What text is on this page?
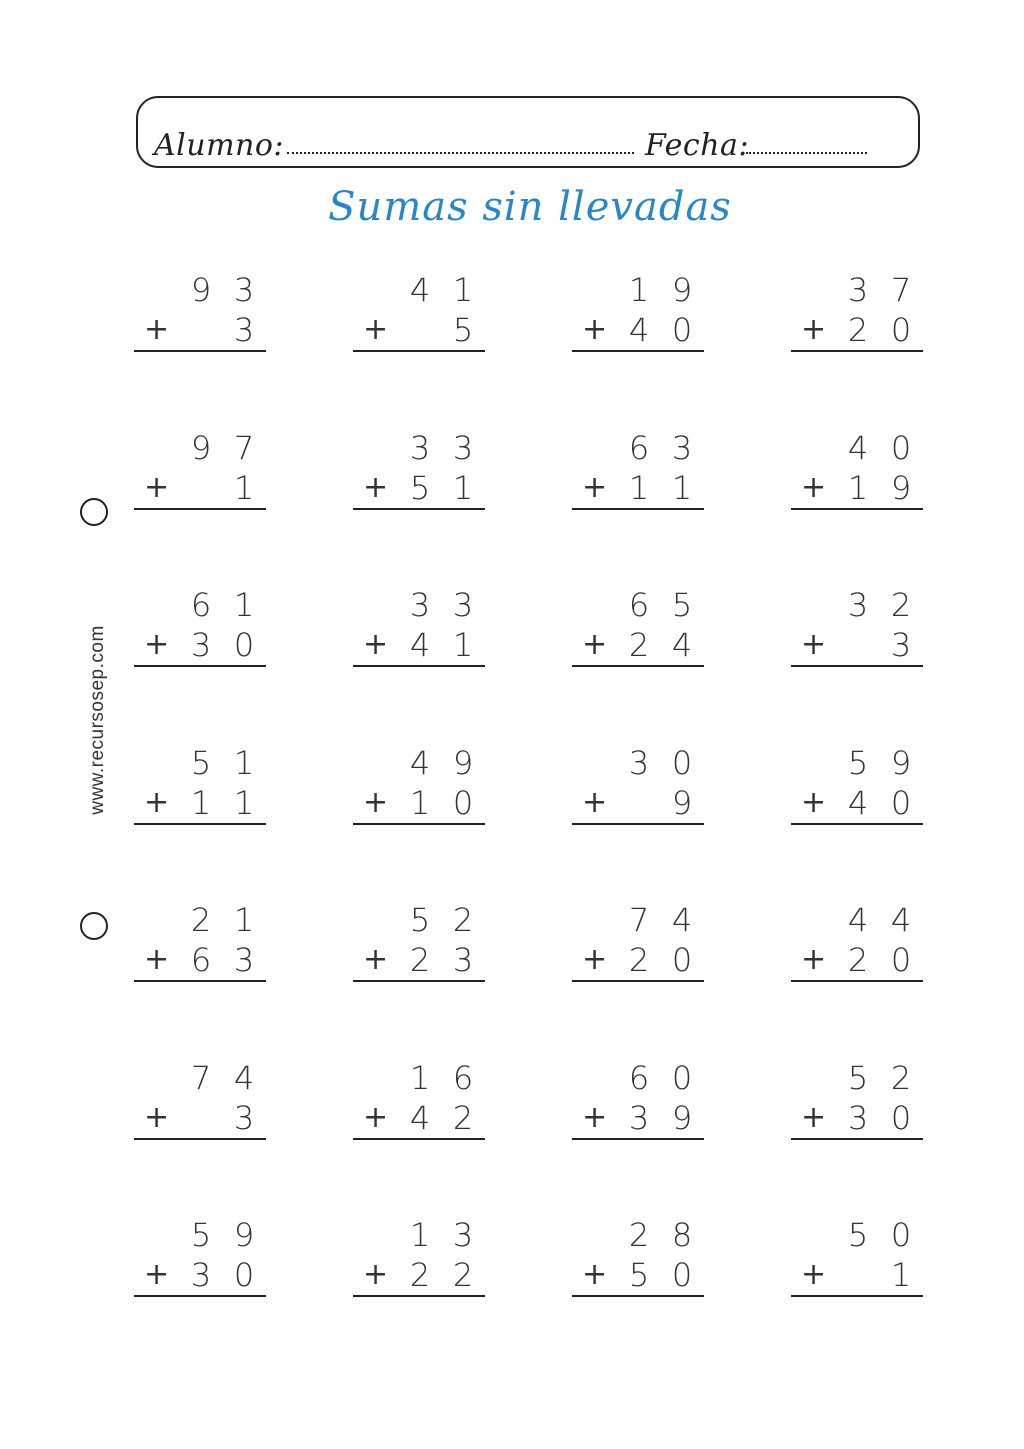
Alumno:	Fecha:
Sumas sin llevadas
www.recursosep.com
9 3
+ 3
4 1
+ 5
1 9
+ 4 0
3 7
+ 2 0
9 7
+ 1
3 3
+ 5 1
6 3
+ 1 1
4 0
+ 1 9
6 1
+ 3 0
3 3
+ 4 1
6 5
+ 2 4
3 2
+ 3
5 1
+ 1 1
4 9
+ 1 0
3 0
+ 9
5 9
+ 4 0
2 1
+ 6 3
5 2
+ 2 3
7 4
+ 2 0
4 4
+ 2 0
7 4
+ 3
1 6
+ 4 2
6 0
+ 3 9
5 2
+ 3 0
5 9
+ 3 0
1 3
+ 2 2
2 8
+ 5 0
5 0
+ 1
